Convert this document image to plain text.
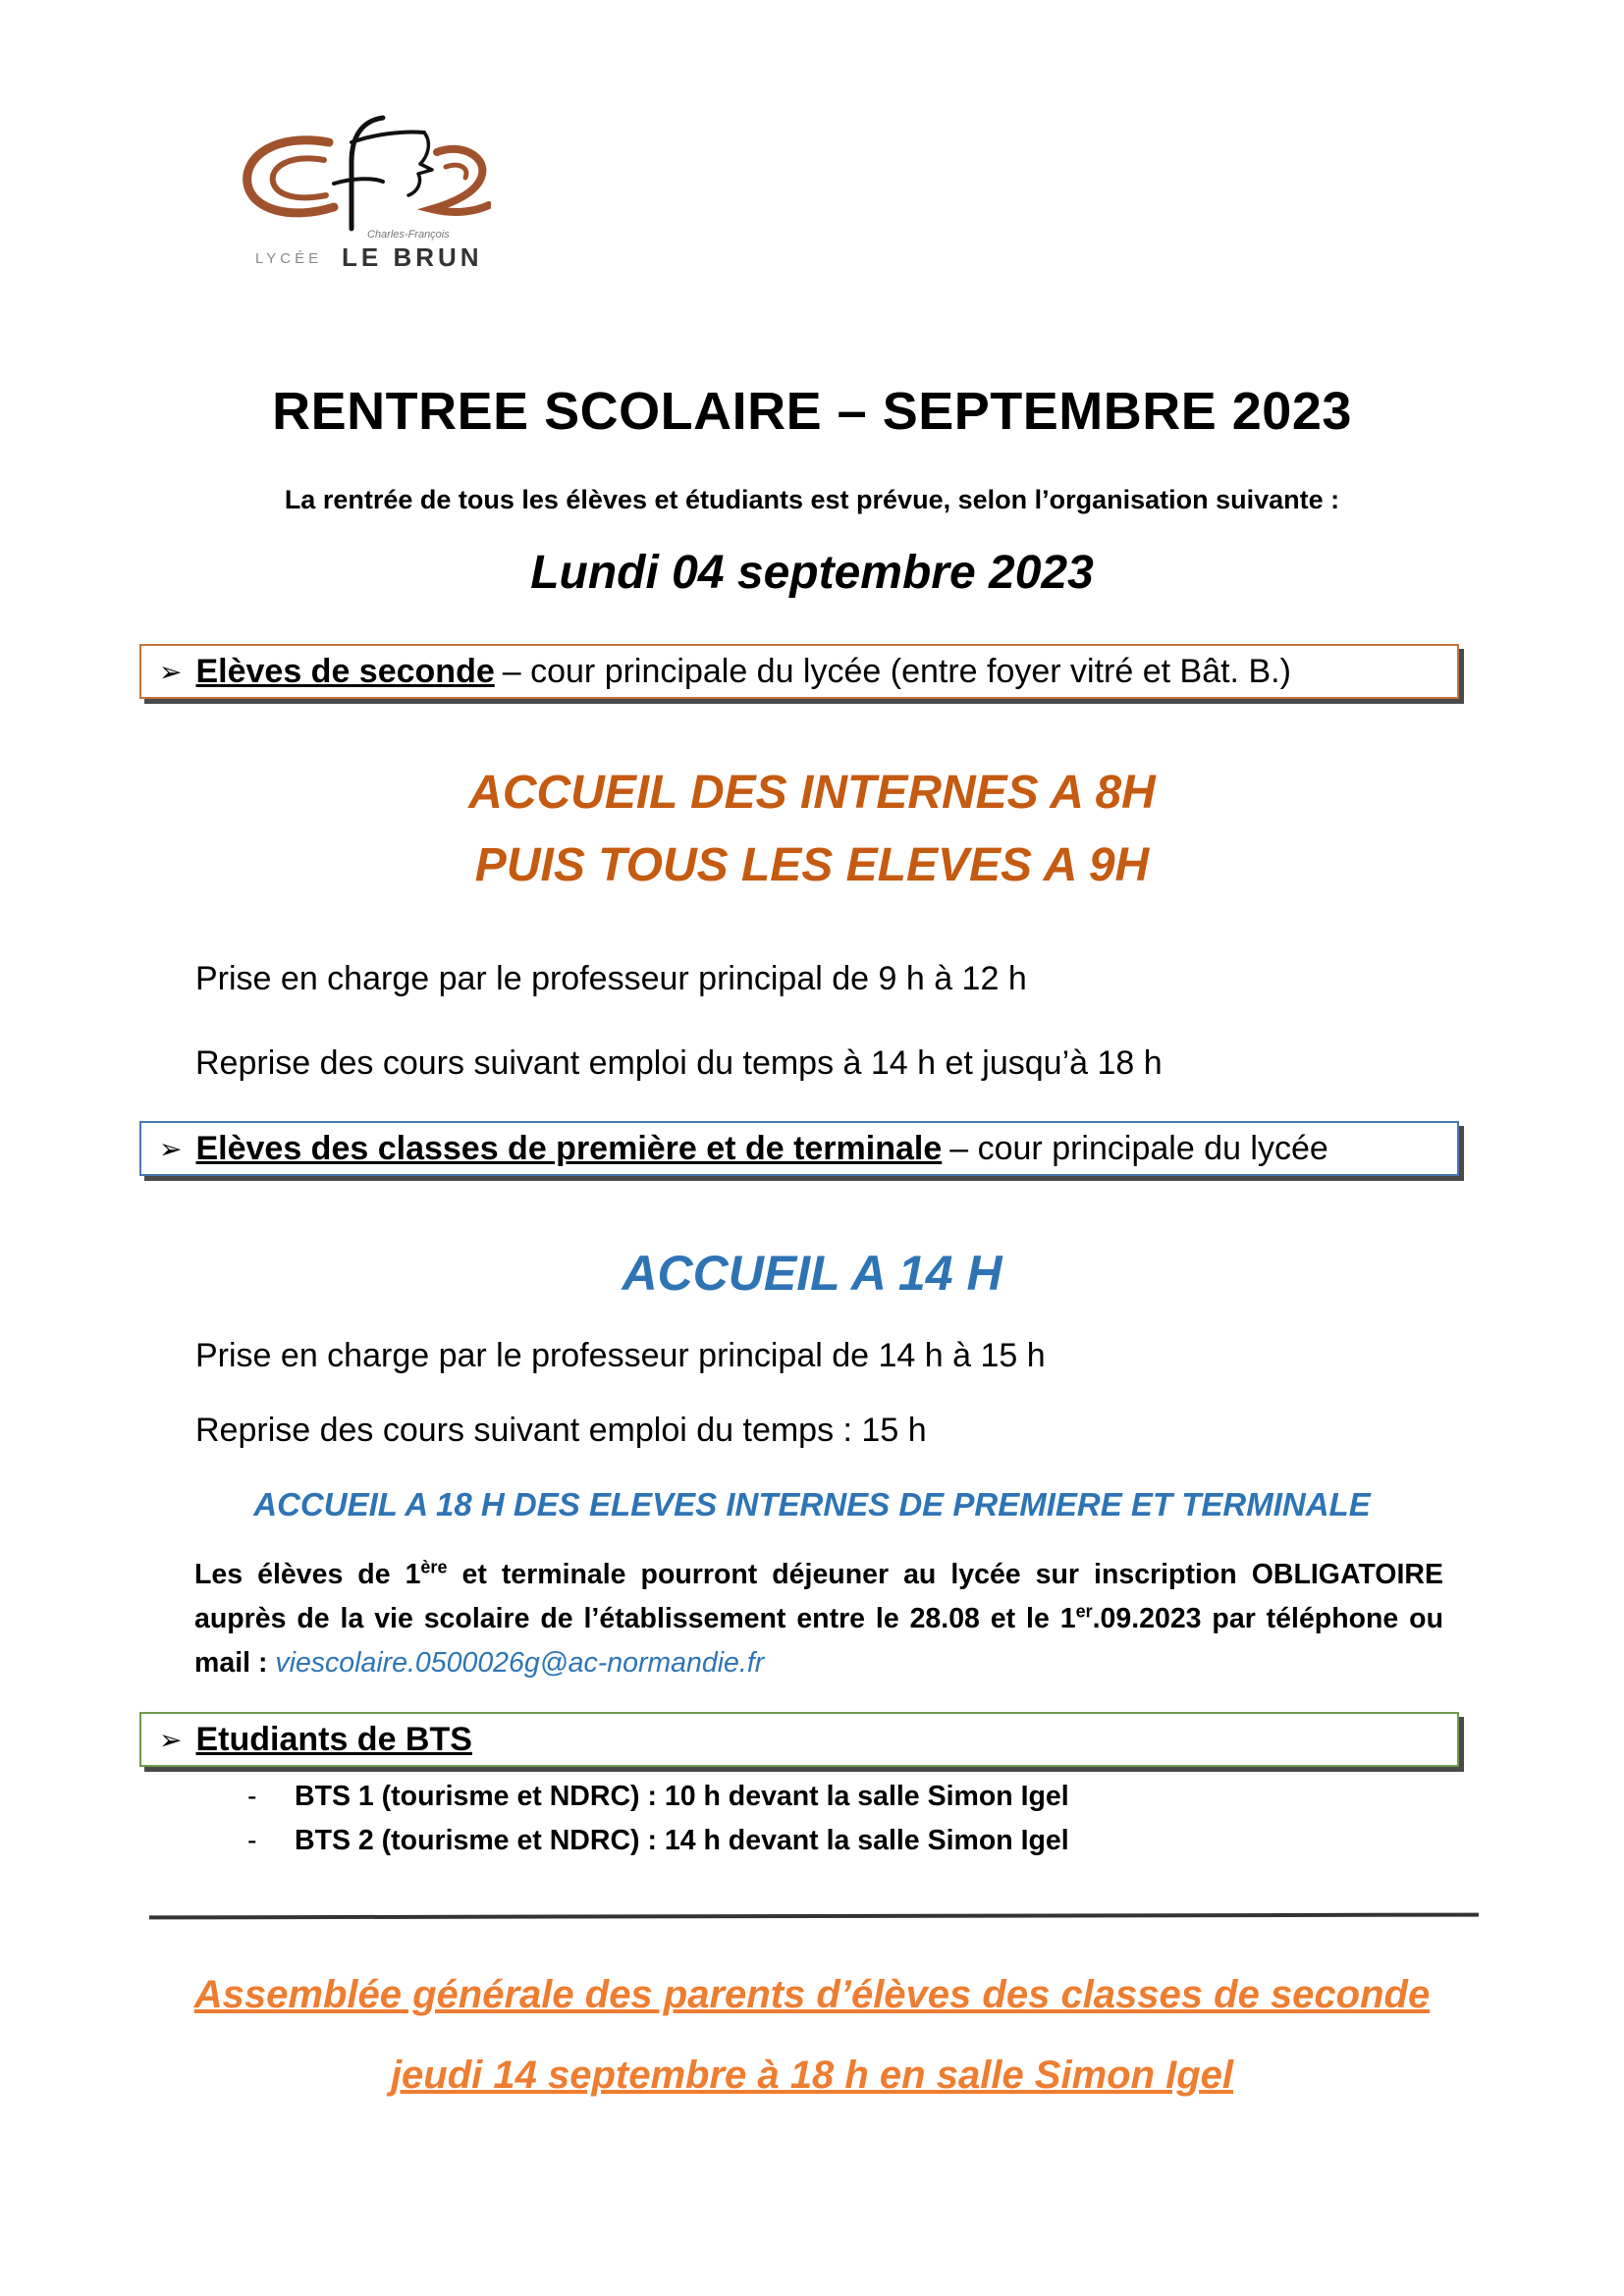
Charles-François
LYCÉE LE BRUN
RENTREE SCOLAIRE – SEPTEMBRE 2023
La rentrée de tous les élèves et étudiants est prévue, selon l’organisation suivante :
Lundi 04 septembre 2023
➢ Elèves de seconde – cour principale du lycée (entre foyer vitré et Bât. B.)
ACCUEIL DES INTERNES A 8H
PUIS TOUS LES ELEVES A 9H
Prise en charge par le professeur principal de 9 h à 12 h
Reprise des cours suivant emploi du temps à 14 h et jusqu’à 18 h
➢ Elèves des classes de première et de terminale – cour principale du lycée
ACCUEIL A 14 H
Prise en charge par le professeur principal de 14 h à 15 h
Reprise des cours suivant emploi du temps : 15 h
ACCUEIL A 18 H DES ELEVES INTERNES DE PREMIERE ET TERMINALE
Les élèves de 1ère et terminale pourront déjeuner au lycée sur inscription OBLIGATOIRE auprès de la vie scolaire de l’établissement entre le 28.08 et le 1er.09.2023 par téléphone ou mail : viescolaire.0500026g@ac-normandie.fr
➢ Etudiants de BTS
- BTS 1 (tourisme et NDRC) : 10 h devant la salle Simon Igel
- BTS 2 (tourisme et NDRC) : 14 h devant la salle Simon Igel
Assemblée générale des parents d’élèves des classes de seconde
jeudi 14 septembre à 18 h en salle Simon Igel
